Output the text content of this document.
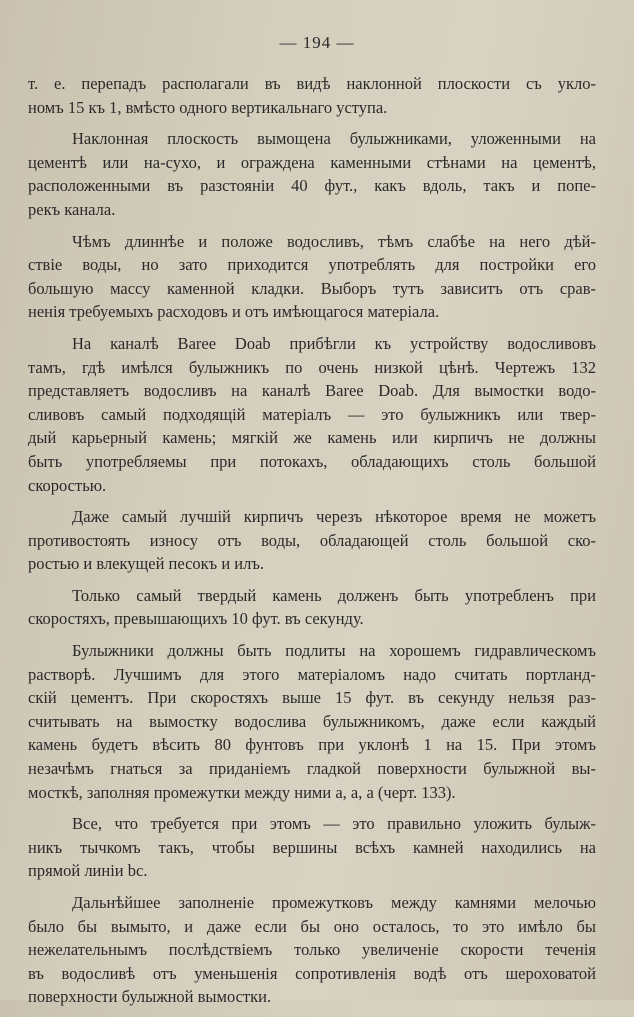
— 194 —
т. е. перепадъ располагали въ видѣ наклонной плоскости съ укло-
номъ 15 къ 1, вмѣсто одного вертикальнаго уступа.
Наклонная плоскость вымощена булыжниками, уложенными на
цементѣ или на-сухо, и ограждена каменными стѣнами на цементѣ,
расположенными въ разстояніи 40 фут., какъ вдоль, такъ и попе-
рекъ канала.
Чѣмъ длиннѣе и положе водосливъ, тѣмъ слабѣе на него дѣй-
ствіе воды, но зато приходится употреблять для постройки его
большую массу каменной кладки. Выборъ тутъ зависитъ отъ срав-
ненія требуемыхъ расходовъ и отъ имѣющагося матеріала.
На каналѣ Baree Doab прибѣгли къ устройству водосливовъ
тамъ, гдѣ имѣлся булыжникъ по очень низкой цѣнѣ. Чертежъ 132
представляетъ водосливъ на каналѣ Baree Doab. Для вымостки водо-
сливовъ самый подходящій матеріалъ — это булыжникъ или твер-
дый карьерный камень; мягкій же камень или кирпичъ не должны
быть употребляемы при потокахъ, обладающихъ столь большой
скоростью.
Даже самый лучшій кирпичъ черезъ нѣкоторое время не можетъ
противостоять износу отъ воды, обладающей столь большой ско-
ростью и влекущей песокъ и илъ.
Только самый твердый камень долженъ быть употребленъ при
скоростяхъ, превышающихъ 10 фут. въ секунду.
Булыжники должны быть подлиты на хорошемъ гидравлическомъ
растворѣ. Лучшимъ для этого матеріаломъ надо считать портланд-
скій цементъ. При скоростяхъ выше 15 фут. въ секунду нельзя раз-
считывать на вымостку водослива булыжникомъ, даже если каждый
камень будетъ вѣсить 80 фунтовъ при уклонѣ 1 на 15. При этомъ
незачѣмъ гнаться за приданіемъ гладкой поверхности булыжной вы-
мосткѣ, заполняя промежутки между ними a, a, a (черт. 133).
Все, что требуется при этомъ — это правильно уложить булыж-
никъ тычкомъ такъ, чтобы вершины всѣхъ камней находились на
прямой линіи bc.
Дальнѣйшее заполненіе промежутковъ между камнями мелочью
было бы вымыто, и даже если бы оно осталось, то это имѣло бы
нежелательнымъ послѣдствіемъ только увеличеніе скорости теченія
въ водосливѣ отъ уменьшенія сопротивленія водѣ отъ шероховатой
поверхности булыжной вымостки.
